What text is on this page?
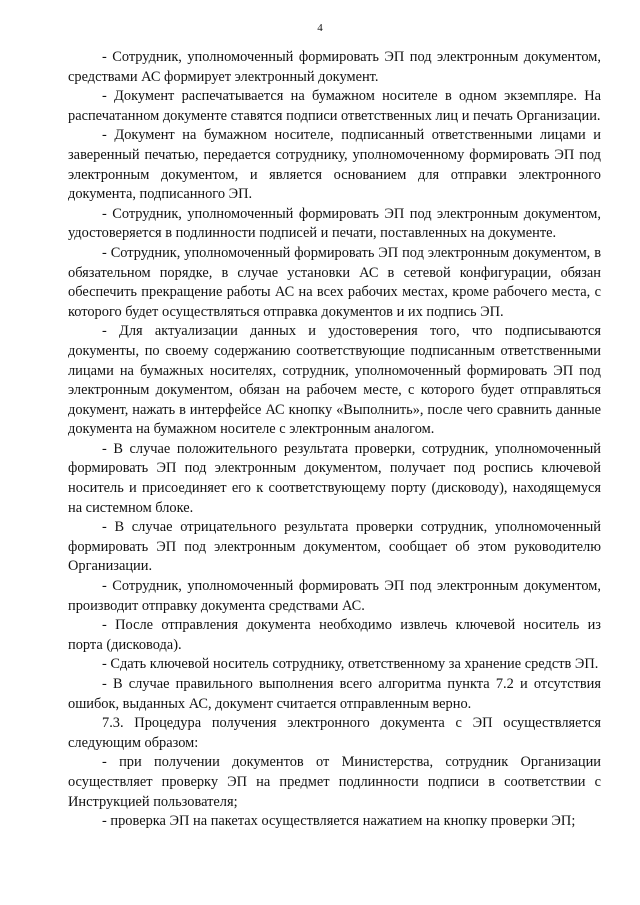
4

- Сотрудник, уполномоченный формировать ЭП под электронным документом, средствами АС формирует электронный документ.

- Документ распечатывается на бумажном носителе в одном экземпляре. На распечатанном документе ставятся подписи ответственных лиц и печать Организации.

- Документ на бумажном носителе, подписанный ответственными лицами и заверенный печатью, передается сотруднику, уполномоченному формировать ЭП под электронным документом, и является основанием для отправки электронного документа, подписанного ЭП.

- Сотрудник, уполномоченный формировать ЭП под электронным документом, удостоверяется в подлинности подписей и печати, поставленных на документе.

- Сотрудник, уполномоченный формировать ЭП под электронным документом, в обязательном порядке, в случае установки АС в сетевой конфигурации, обязан обеспечить прекращение работы АС на всех рабочих местах, кроме рабочего места, с которого будет осуществляться отправка документов и их подпись ЭП.

- Для актуализации данных и удостоверения того, что подписываются документы, по своему содержанию соответствующие подписанным ответственными лицами на бумажных носителях, сотрудник, уполномоченный формировать ЭП под электронным документом, обязан на рабочем месте, с которого будет отправляться документ, нажать в интерфейсе АС кнопку «Выполнить», после чего сравнить данные документа на бумажном носителе с электронным аналогом.

- В случае положительного результата проверки, сотрудник, уполномоченный формировать ЭП под электронным документом, получает под роспись ключевой носитель и присоединяет его к соответствующему порту (дисководу), находящемуся на системном блоке.

- В случае отрицательного результата проверки сотрудник, уполномоченный формировать ЭП под электронным документом, сообщает об этом руководителю Организации.

- Сотрудник, уполномоченный формировать ЭП под электронным документом, производит отправку документа средствами АС.

- После отправления документа необходимо извлечь ключевой носитель из порта (дисковода).

- Сдать ключевой носитель сотруднику, ответственному за хранение средств ЭП.

- В случае правильного выполнения всего алгоритма пункта 7.2 и отсутствия ошибок, выданных АС, документ считается отправленным верно.

7.3. Процедура получения электронного документа с ЭП осуществляется следующим образом:

- при получении документов от Министерства, сотрудник Организации осуществляет проверку ЭП на предмет подлинности подписи в соответствии с Инструкцией пользователя;

- проверка ЭП на пакетах осуществляется нажатием на кнопку проверки ЭП;
